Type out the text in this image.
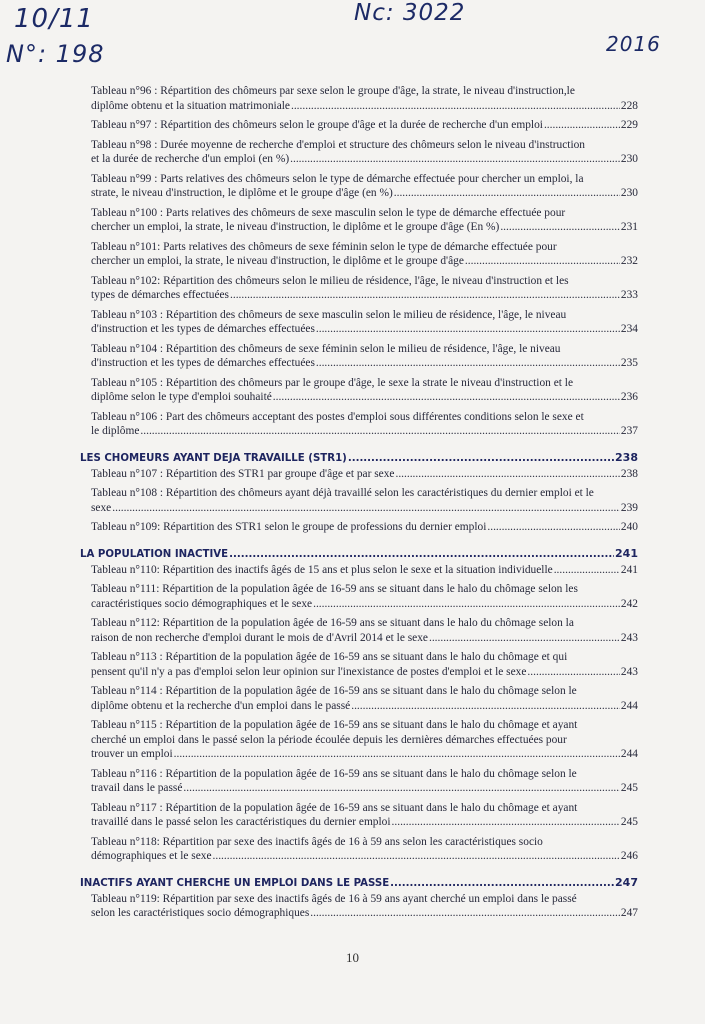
10/11
N°: 198
Nc: 3022
2016
Tableau n°96 : Répartition des chômeurs par sexe selon le groupe d'âge, la strate, le niveau d'instruction,le
diplôme obtenu et la situation matrimoniale .....	228
Tableau n°97 : Répartition des chômeurs selon le groupe d'âge et la durée de recherche d'un emploi .....	229
Tableau n°98 : Durée moyenne de recherche d'emploi et structure des chômeurs selon le niveau d'instruction
et la durée de recherche d'un emploi (en %) .....	230
Tableau n°99 : Parts relatives des chômeurs selon le type de démarche effectuée pour chercher un emploi, la
strate, le niveau d'instruction, le diplôme et le groupe d'âge (en %) .....	230
Tableau n°100 : Parts relatives des chômeurs de sexe masculin selon le type de démarche effectuée pour
chercher un emploi, la strate, le niveau d'instruction, le diplôme et le groupe d'âge (En %) .....	231
Tableau n°101: Parts relatives des chômeurs de sexe féminin selon le type de démarche effectuée pour
chercher un emploi, la strate, le niveau d'instruction, le diplôme et le groupe d'âge .....	232
Tableau n°102: Répartition des chômeurs selon le milieu de résidence, l'âge, le niveau d'instruction et les
types de démarches effectuées .....	233
Tableau n°103 : Répartition des chômeurs de sexe masculin selon le milieu de résidence, l'âge, le niveau
d'instruction et les types de démarches effectuées .....	234
Tableau n°104 : Répartition des chômeurs de sexe féminin selon le milieu de résidence, l'âge, le niveau
d'instruction et les types de démarches effectuées .....	235
Tableau n°105 : Répartition des chômeurs par le groupe d'âge, le sexe la strate le niveau d'instruction et le
diplôme selon le type d'emploi souhaité .....	236
Tableau n°106 : Part des chômeurs acceptant des postes d'emploi sous différentes conditions selon le sexe et
le diplôme .....	237
LES CHOMEURS AYANT DEJA TRAVAILLE (STR1) .....	238
Tableau n°107 : Répartition des STR1 par groupe d'âge et par sexe .....	238
Tableau n°108 : Répartition des chômeurs ayant déjà travaillé selon les caractéristiques du dernier emploi et le
sexe .....	239
Tableau n°109: Répartition des STR1 selon le groupe de professions du dernier emploi .....	240
LA POPULATION INACTIVE .....	241
Tableau n°110: Répartition des inactifs âgés de 15 ans et plus selon le sexe et la situation individuelle .....	241
Tableau n°111: Répartition de la population âgée de 16-59 ans se situant dans le halo du chômage selon les
caractéristiques socio démographiques et le sexe .....	242
Tableau n°112: Répartition de la population âgée de 16-59 ans se situant dans le halo du chômage selon la
raison de non recherche d'emploi durant le mois de d'Avril 2014 et le sexe .....	243
Tableau n°113 : Répartition de la population âgée de 16-59 ans se situant dans le halo du chômage et qui
pensent qu'il n'y a pas d'emploi selon leur opinion sur l'inexistance de postes d'emploi et le sexe .....	243
Tableau n°114 : Répartition de la population âgée de 16-59 ans se situant dans le halo du chômage selon le
diplôme obtenu et la recherche d'un emploi dans le passé .....	244
Tableau n°115 : Répartition de la population âgée de 16-59 ans se situant dans le halo du chômage et ayant
cherché un emploi dans le passé selon la période écoulée depuis les dernières démarches effectuées pour
trouver un emploi .....	244
Tableau n°116 : Répartition de la population âgée de 16-59 ans se situant dans le halo du chômage selon le
travail dans le passé .....	245
Tableau n°117 : Répartition de la population âgée de 16-59 ans se situant dans le halo du chômage et ayant
travaillé dans le passé selon les caractéristiques du dernier emploi .....	245
Tableau n°118: Répartition par sexe des inactifs âgés de 16 à 59 ans selon les caractéristiques socio
démographiques et le sexe .....	246
INACTIFS AYANT CHERCHE UN EMPLOI DANS LE PASSE .....	247
Tableau n°119: Répartition par sexe des inactifs âgés de 16 à 59 ans ayant cherché un emploi dans le passé
selon les caractéristiques socio démographiques .....	247
10
